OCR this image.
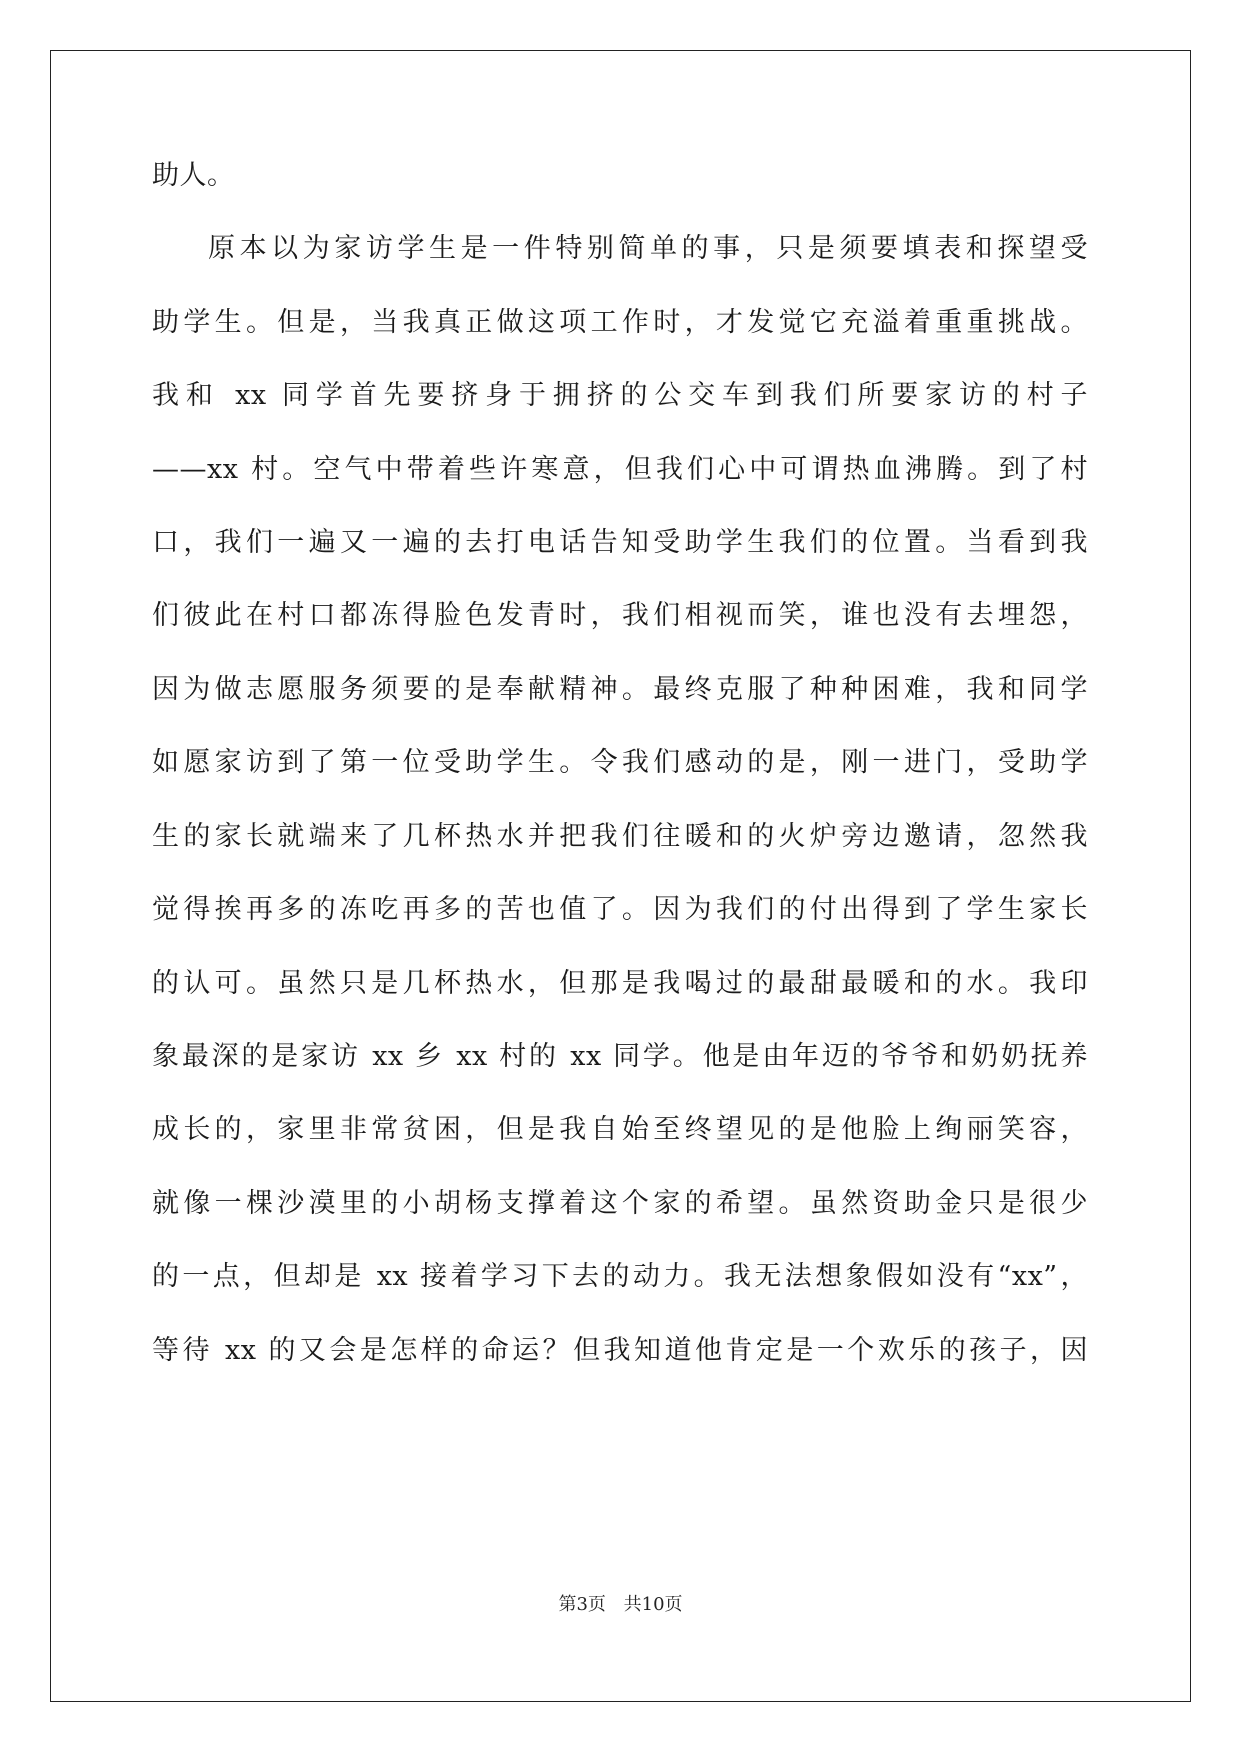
助人。
原本以为家访学生是一件特别简单的事，只是须要填表和探望受
助学生。但是，当我真正做这项工作时，才发觉它充溢着重重挑战。
我和 xx 同学首先要挤身于拥挤的公交车到我们所要家访的村子
——xx 村。空气中带着些许寒意，但我们心中可谓热血沸腾。到了村
口，我们一遍又一遍的去打电话告知受助学生我们的位置。当看到我
们彼此在村口都冻得脸色发青时，我们相视而笑，谁也没有去埋怨，
因为做志愿服务须要的是奉献精神。最终克服了种种困难，我和同学
如愿家访到了第一位受助学生。令我们感动的是，刚一进门，受助学
生的家长就端来了几杯热水并把我们往暖和的火炉旁边邀请，忽然我
觉得挨再多的冻吃再多的苦也值了。因为我们的付出得到了学生家长
的认可。虽然只是几杯热水，但那是我喝过的最甜最暖和的水。我印
象最深的是家访 xx 乡 xx 村的 xx 同学。他是由年迈的爷爷和奶奶抚养
成长的，家里非常贫困，但是我自始至终望见的是他脸上绚丽笑容，
就像一棵沙漠里的小胡杨支撑着这个家的希望。虽然资助金只是很少
的一点，但却是 xx 接着学习下去的动力。我无法想象假如没有“xx”，
等待 xx 的又会是怎样的命运？但我知道他肯定是一个欢乐的孩子，因
第3页 共10页
